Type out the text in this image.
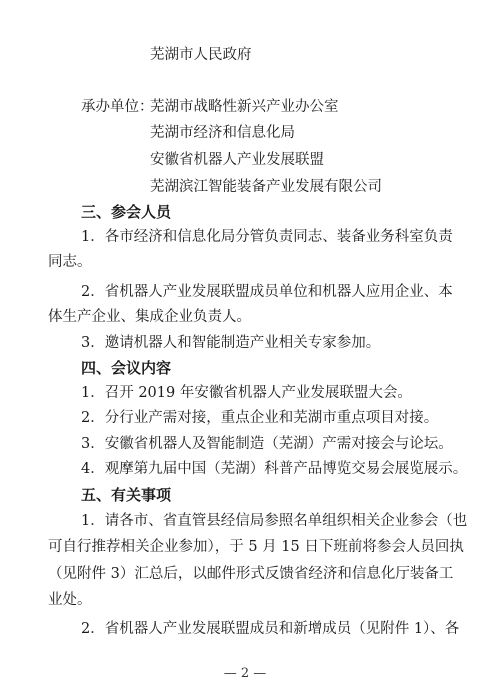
芜湖市人民政府
承办单位：
芜湖市战略性新兴产业办公室
芜湖市经济和信息化局
安徽省机器人产业发展联盟
芜湖滨江智能装备产业发展有限公司
三、参会人员
1．各市经济和信息化局分管负责同志、装备业务科室负责
同志。
2．省机器人产业发展联盟成员单位和机器人应用企业、本
体生产企业、集成企业负责人。
3．邀请机器人和智能制造产业相关专家参加。
四、会议内容
1．召开 2019 年安徽省机器人产业发展联盟大会。
2．分行业产需对接，重点企业和芜湖市重点项目对接。
3．安徽省机器人及智能制造（芜湖）产需对接会与论坛。
4．观摩第九届中国（芜湖）科普产品博览交易会展览展示。
五、有关事项
1．请各市、省直管县经信局参照名单组织相关企业参会（也
可自行推荐相关企业参加），于 5 月 15 日下班前将参会人员回执
（见附件 3）汇总后，以邮件形式反馈省经济和信息化厅装备工
业处。
2．省机器人产业发展联盟成员和新增成员（见附件 1）、各
— 2 —
